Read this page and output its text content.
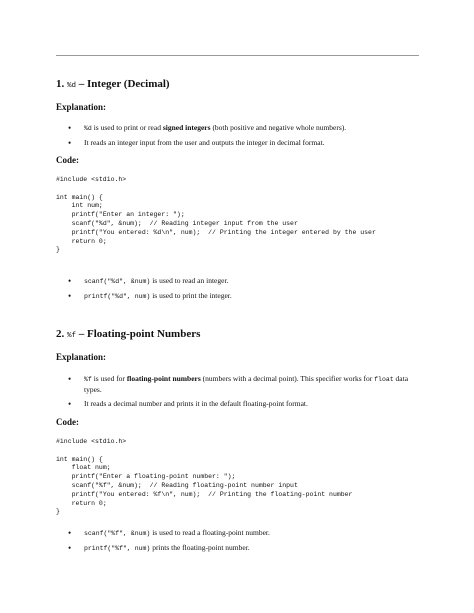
1. %d – Integer (Decimal)
Explanation:
• %d is used to print or read signed integers (both positive and negative whole numbers).
• It reads an integer input from the user and outputs the integer in decimal format.
Code:
#include <stdio.h>

int main() {
int num;
printf("Enter an integer: ");
scanf("%d", &num);  // Reading integer input from the user
printf("You entered: %d\n", num);  // Printing the integer entered by the user
return 0;
}
• scanf("%d", &num) is used to read an integer.
• printf("%d", num) is used to print the integer.
2. %f – Floating-point Numbers
Explanation:
• %f is used for floating-point numbers (numbers with a decimal point). This specifier works for float data types.
• It reads a decimal number and prints it in the default floating-point format.
Code:
#include <stdio.h>

int main() {
float num;
printf("Enter a floating-point number: ");
scanf("%f", &num);  // Reading floating-point number input
printf("You entered: %f\n", num);  // Printing the floating-point number
return 0;
}
• scanf("%f", &num) is used to read a floating-point number.
• printf("%f", num) prints the floating-point number.
